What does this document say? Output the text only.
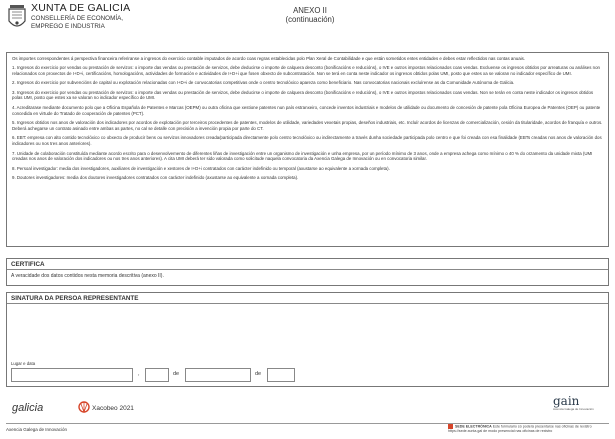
XUNTA DE GALICIA
CONSELLERÍA DE ECONOMÍA,
EMPREGO E INDUSTRIA
ANEXO II
(continuación)
Os importes correspondentes á perspectiva financeira referiranse a ingresos do exercicio contable imputados de acordo coas regras establecidas polo Plan Xeral de Contabilidade e que están sometidos entes entidades e debes estar reflectidos nas contas anuais.
1. Ingresos do exercicio por vendas ou prestación de servizos: o importe das vendas ou prestación de servizos, debe deducirse o importe de calquera desconto (bonificacións e reducións), o IVE e outros impostos relacionados coas vendas. Excluense os ingresos obtidos por arreaturas ou análises non relacionados con proxectos de I+D+i, certificacións, homologacións, actividades de formación e actividades de I+D+i que fosen obxecto de subcontratación. Non se terá en conta neste indicador os ingresos obtidos polas UMI, posto que estes xa se valoran no indicador específico de UMI.
2. Ingresos do exercicio por subvencións de capital ou explotación relacionadas con I+D+i de convocatorias competitivas onde o centro tecnolóxico apareza como beneficiario. Nas convocatorias nacionais excluírense as da Comunidade Autónoma de Galicia.
3. Ingresos do exercicio por vendas ou prestación de servizos: o importe das vendas ou prestación de servizos, debe deducirse o importe de calquera desconto (bonificacións e reducións), o IVE e outros impostos relacionados coas vendas. Non se terán en conta neste indicador os ingresos obtidos polas UMI, posto que estes xa se valoran no indicador específico de UMI.
4. Acreditarase mediante documento polo que a Oficina Española de Patentes e Marcas (OEPM) ou outra oficina que xestione patentes nun país estranxeiro, concede inventos industriais e modelos de utilidade ou documento de concesión de patente pola Oficina Europea de Patentes (OEP) ou patente concedida en virtude do Tratado de cooperación de patentes (PCT).
5. Ingresos obtidos nos anos de valoración dos indicadores por acordos de explotación por terceiros procedentes de patentes, modelos de utilidade, variedades vexetais propias, deseños industriais, etc. Incluír acordos de licenzas de comercialización, cesión da titularidade, acordos de franquía e outros. Deberá achegarse un contrato asinado entre ambas as partes, no cal se detalle con precisión a invención propia por parte do CT.
6. EBT: empresa con alto contido tecnolóxico co obxecto de producir bens ou servizos innovadores creada/participada directamente polo centro tecnolóxico ou indirectamente a través dunha sociedade participada polo centro e que foi creada con esa finalidade (EBTs creadas nos anos de valoración dos indicadores ou nos tres anos anteriores).
7. Unidade de colaboración constituída mediante acordo escrito para o desenvolvemento de diferentes liñas de investigación entre un organismo de investigación e unha empresa, por un período mínimo de 3 anos, onde a empresa achega como mínimo o 40 % do orzamento da unidade mixta (UMI creadas nos anos de valoración dos indicadores ou nos tres anos anteriores). A cita UMI deberá ter sido valorada como solicitude naquela convocatoria da Axencia Galega de Innovación ou en convocatoria similar.
8. Persoal investigador: media dos investigadores, auxiliares de investigación e xestores de I+D+i contratados con carácter indefinido ou temporal (axustarse ao equivalente a xornada completa).
9. Doutores investigadores: media dos doutores investigadores contratados con carácter indefinido (axustarse ao equivalente a xornada completa).
CERTIFICA
A veracidade dos datos contidos nesta memoria descritiva (anexo II).
SINATURA DA PERSOA REPRESENTANTE
Lugar e data
,	de	de
galicia	Xacobeo 2021
gain
Axencia Galega de Innovación
Axencia Galega de Innovación
SEDE ELECTRÓNICA Este formulario só poderá presentarse nas oficinas de rexistro https://sede.xunta.gal de modo presencial nas oficinas de rexistro
